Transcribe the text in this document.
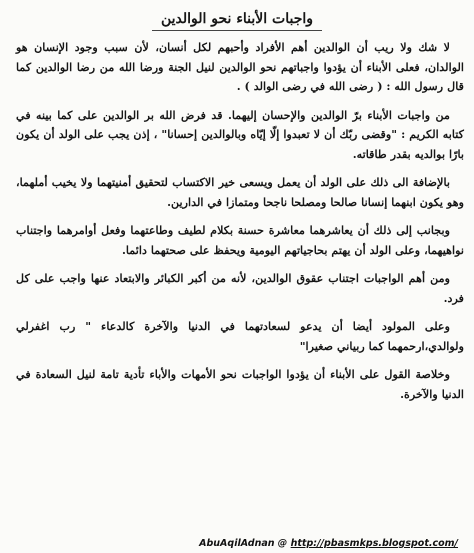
واجبات الأبناء نحو الوالدين

لا شك ولا ريب أن الوالدين أهم الأفراد وأحبهم لكل أنسان، لأن سبب وجود الإنسان هو الوالدان، فعلى الأبناء أن يؤدوا واجباتهم نحو الوالدين لنيل الجنة ورضا الله من رضا الوالدين كما قال رسول الله : ( رضى الله في رضى الوالد ) .

من واجبات الأبناء برّ الوالدين والإحسان إليهما. قد فرض الله بر الوالدين على كما بينه في كتابه الكريم : "وقضى ربّك أن لا تعبدوا إلّا إيّاه وبالوالدين إحسانا" ، إذن يجب على الولد أن يكون بارًا بوالديه بقدر طاقاته.

بالإضافة الى ذلك على الولد أن يعمل ويسعى خير الاكتساب لتحقيق أمنيتهما ولا يخيب أملهما، وهو يكون ابنهما إنسانا صالحا ومصلحا ناجحا ومتمازا في الدارين.

وبجانب إلى ذلك أن يعاشرهما معاشرة حسنة بكلام لطيف وطاعتهما وفعل أوامرهما واجتناب نواهيهما، وعلى الولد أن يهتم بحاجياتهم اليومية ويحفظ على صحتهما دائما.

ومن أهم الواجبات اجتناب عقوق الوالدين، لأنه من أكبر الكبائر والابتعاد عنها واجب على كل فرد.

وعلى المولود أيضا أن يدعو لسعادتهما في الدنيا والآخرة كالدعاء " رب اغفرلي ولوالدي،ارحمهما كما ربياني صغيرا"

وخلاصة القول على الأبناء أن يؤدوا الواجبات نحو الأمهات والأباء تأدية تامة لنيل السعادة في الدنيا والآخرة.

AbuAqilAdnan @ http://pbasmkps.blogspot.com/
